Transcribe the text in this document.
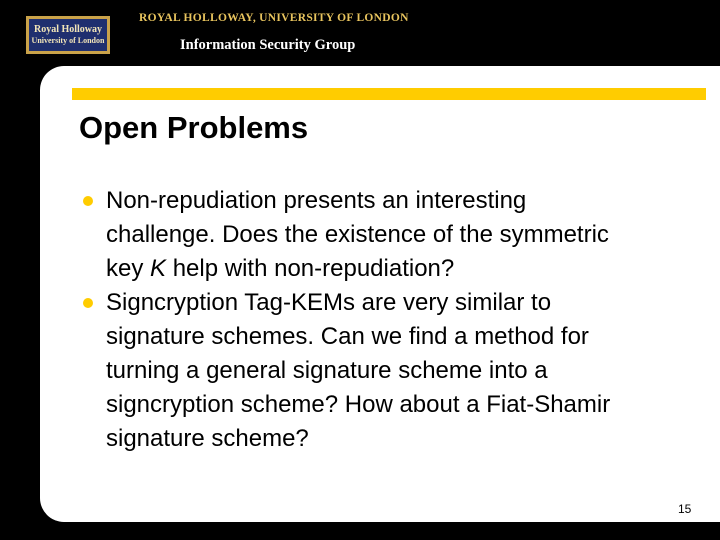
Royal Holloway
University of London
ROYAL HOLLOWAY, UNIVERSITY OF LONDON
Information Security Group
Open Problems
Non-repudiation presents an interesting
challenge. Does the existence of the symmetric
key K help with non-repudiation?
Signcryption Tag-KEMs are very similar to
signature schemes. Can we find a method for
turning a general signature scheme into a
signcryption scheme? How about a Fiat-Shamir
signature scheme?
15
